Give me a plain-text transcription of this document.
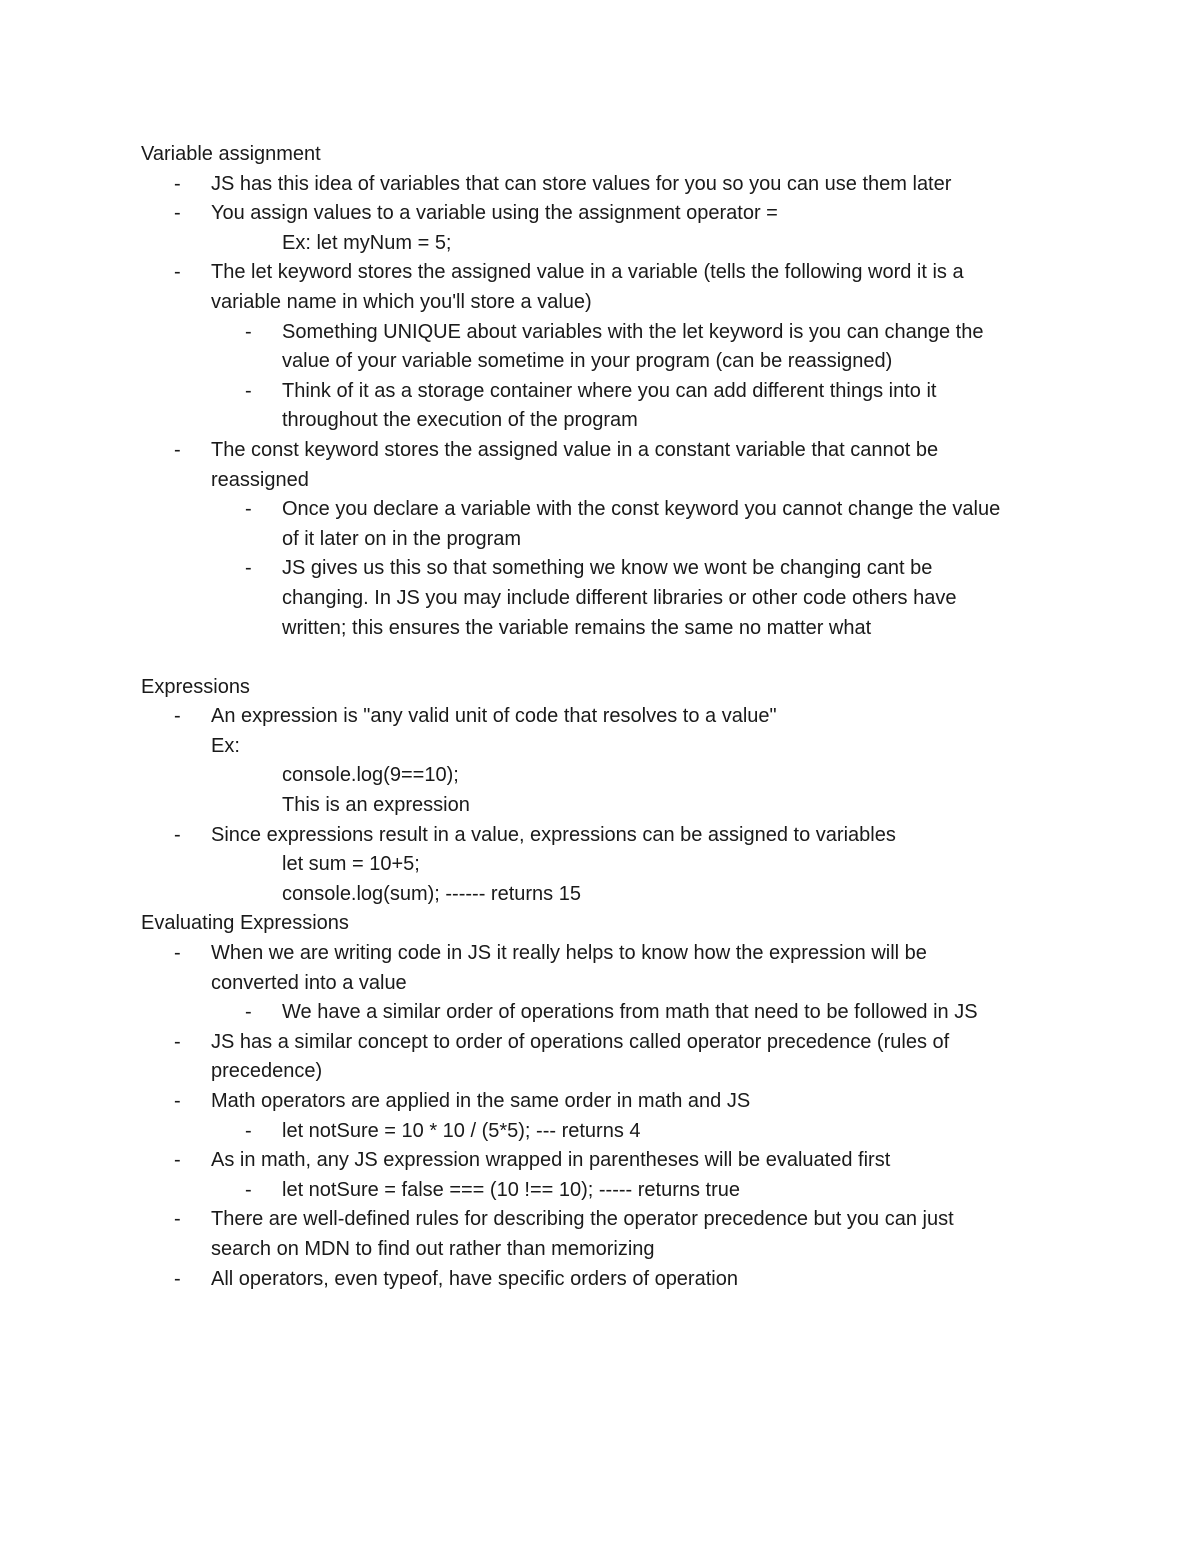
Variable assignment
- JS has this idea of variables that can store values for you so you can use them later
- You assign values to a variable using the assignment operator =
Ex: let myNum = 5;
- The let keyword stores the assigned value in a variable (tells the following word it is a
variable name in which you'll store a value)
- Something UNIQUE about variables with the let keyword is you can change the
value of your variable sometime in your program (can be reassigned)
- Think of it as a storage container where you can add different things into it
throughout the execution of the program
- The const keyword stores the assigned value in a constant variable that cannot be
reassigned
- Once you declare a variable with the const keyword you cannot change the value
of it later on in the program
- JS gives us this so that something we know we wont be changing cant be
changing. In JS you may include different libraries or other code others have
written; this ensures the variable remains the same no matter what
Expressions
- An expression is "any valid unit of code that resolves to a value"
Ex:
console.log(9==10);
This is an expression
- Since expressions result in a value, expressions can be assigned to variables
let sum = 10+5;
console.log(sum); ------ returns 15
Evaluating Expressions
- When we are writing code in JS it really helps to know how the expression will be
converted into a value
- We have a similar order of operations from math that need to be followed in JS
- JS has a similar concept to order of operations called operator precedence (rules of
precedence)
- Math operators are applied in the same order in math and JS
- let notSure = 10 * 10 / (5*5); --- returns 4
- As in math, any JS expression wrapped in parentheses will be evaluated first
- let notSure = false === (10 !== 10); ----- returns true
- There are well-defined rules for describing the operator precedence but you can just
search on MDN to find out rather than memorizing
- All operators, even typeof, have specific orders of operation
